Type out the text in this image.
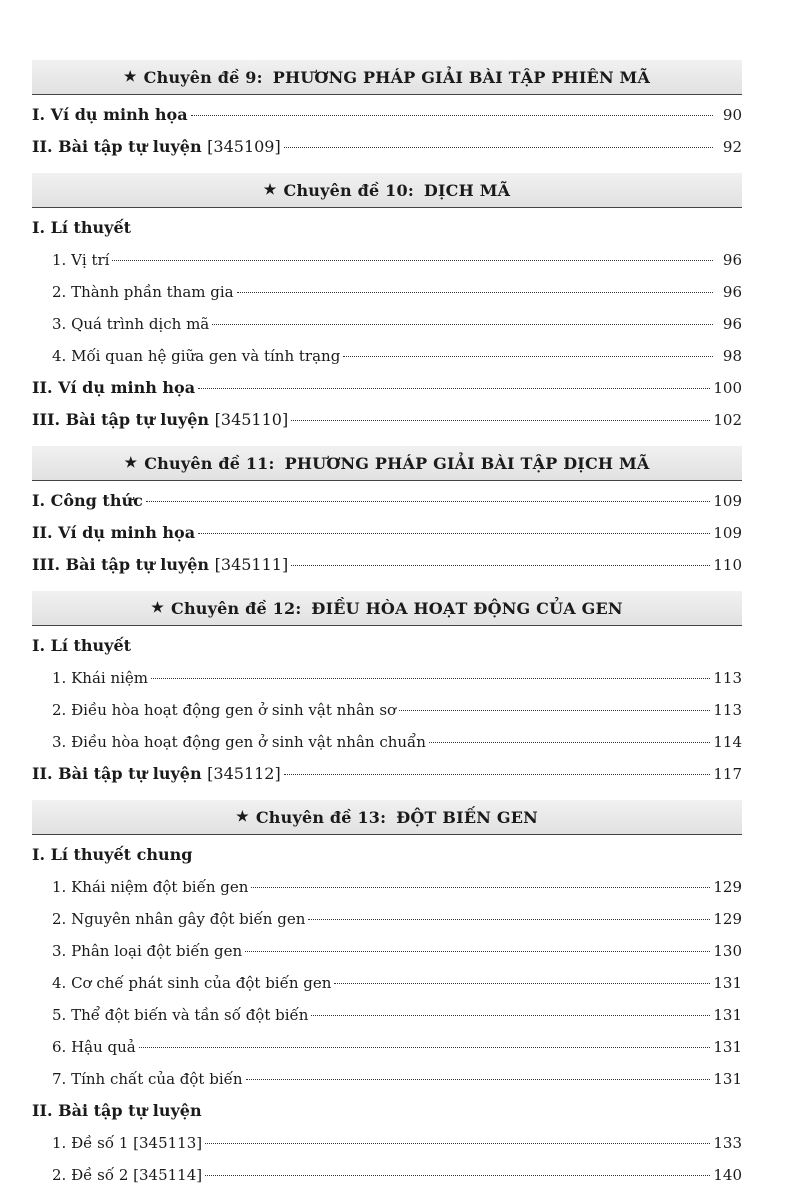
★ Chuyên đề 9: PHƯƠNG PHÁP GIẢI BÀI TẬP PHIÊN MÃ
I. Ví dụ minh họa	90
II. Bài tập tự luyện [345109]	92
★ Chuyên đề 10: DỊCH MÃ
I. Lí thuyết
1. Vị trí	96
2. Thành phần tham gia	96
3. Quá trình dịch mã	96
4. Mối quan hệ giữa gen và tính trạng	98
II. Ví dụ minh họa	100
III. Bài tập tự luyện [345110]	102
★ Chuyên đề 11: PHƯƠNG PHÁP GIẢI BÀI TẬP DỊCH MÃ
I. Công thức	109
II. Ví dụ minh họa	109
III. Bài tập tự luyện [345111]	110
★ Chuyên đề 12: ĐIỀU HÒA HOẠT ĐỘNG CỦA GEN
I. Lí thuyết
1. Khái niệm	113
2. Điều hòa hoạt động gen ở sinh vật nhân sơ	113
3. Điều hòa hoạt động gen ở sinh vật nhân chuẩn	114
II. Bài tập tự luyện [345112]	117
★ Chuyên đề 13: ĐỘT BIẾN GEN
I. Lí thuyết chung
1. Khái niệm đột biến gen	129
2. Nguyên nhân gây đột biến gen	129
3. Phân loại đột biến gen	130
4. Cơ chế phát sinh của đột biến gen	131
5. Thể đột biến và tần số đột biến	131
6. Hậu quả	131
7. Tính chất của đột biến	131
II. Bài tập tự luyện
1. Đề số 1 [345113]	133
2. Đề số 2 [345114]	140
